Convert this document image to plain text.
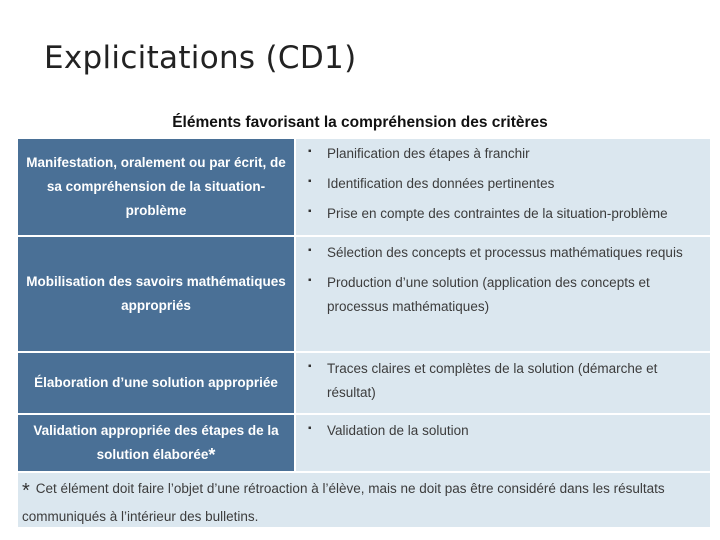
Explicitations (CD1)
Éléments favorisant la compréhension des critères
Manifestation, oralement ou par écrit, de sa compréhension de la situation-problème
▪	Planification des étapes à franchir
▪	Identification des données pertinentes
▪	Prise en compte des contraintes de la situation-problème
Mobilisation des savoirs mathématiques appropriés
▪	Sélection des concepts et processus mathématiques requis
▪	Production d’une solution (application des concepts et processus mathématiques)
Élaboration d’une solution appropriée
▪	Traces claires et complètes de la solution (démarche et résultat)
Validation appropriée des étapes de la solution élaborée*
▪	Validation de la solution
* Cet élément doit faire l’objet d’une rétroaction à l’élève, mais ne doit pas être considéré dans les résultats communiqués à l’intérieur des bulletins.
